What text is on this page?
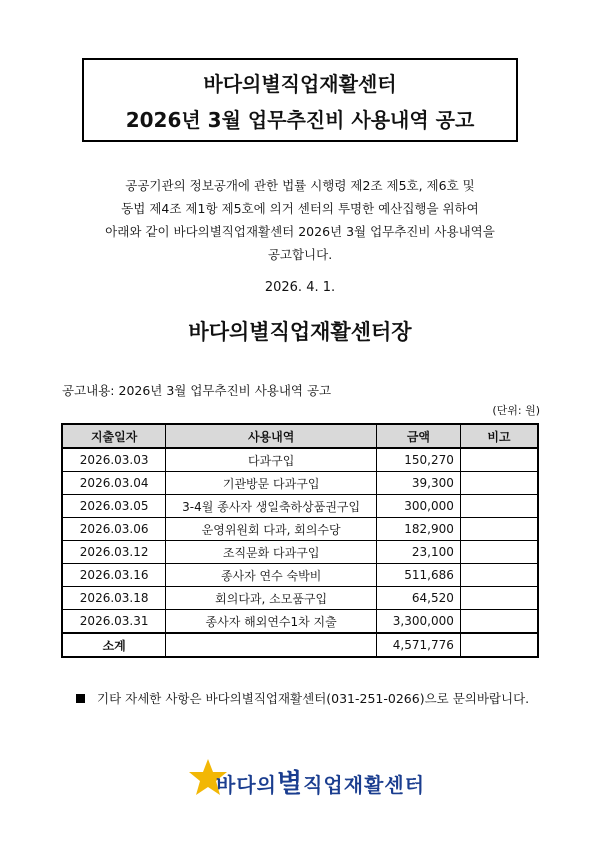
바다의별직업재활센터
2026년 3월 업무추진비 사용내역 공고
공공기관의 정보공개에 관한 법률 시행령 제2조 제5호, 제6호 및
동법 제4조 제1항 제5호에 의거 센터의 투명한 예산집행을 위하여
아래와 같이 바다의별직업재활센터 2026년 3월 업무추진비 사용내역을
공고합니다.
2026. 4. 1.
바다의별직업재활센터장
공고내용: 2026년 3월 업무추진비 사용내역 공고
(단위: 원)
지출일자	사용내역	금액	비고
2026.03.03	다과구입	150,270	
2026.03.04	기관방문 다과구입	39,300	
2026.03.05	3-4월 종사자 생일축하상품권구입	300,000	
2026.03.06	운영위원회 다과, 회의수당	182,900	
2026.03.12	조직문화 다과구입	23,100	
2026.03.16	종사자 연수 숙박비	511,686	
2026.03.18	회의다과, 소모품구입	64,520	
2026.03.31	종사자 해외연수1차 지출	3,300,000	
소계		4,571,776	
기타 자세한 사항은 바다의별직업재활센터(031-251-0266)으로 문의바랍니다.
바다의별직업재활센터
